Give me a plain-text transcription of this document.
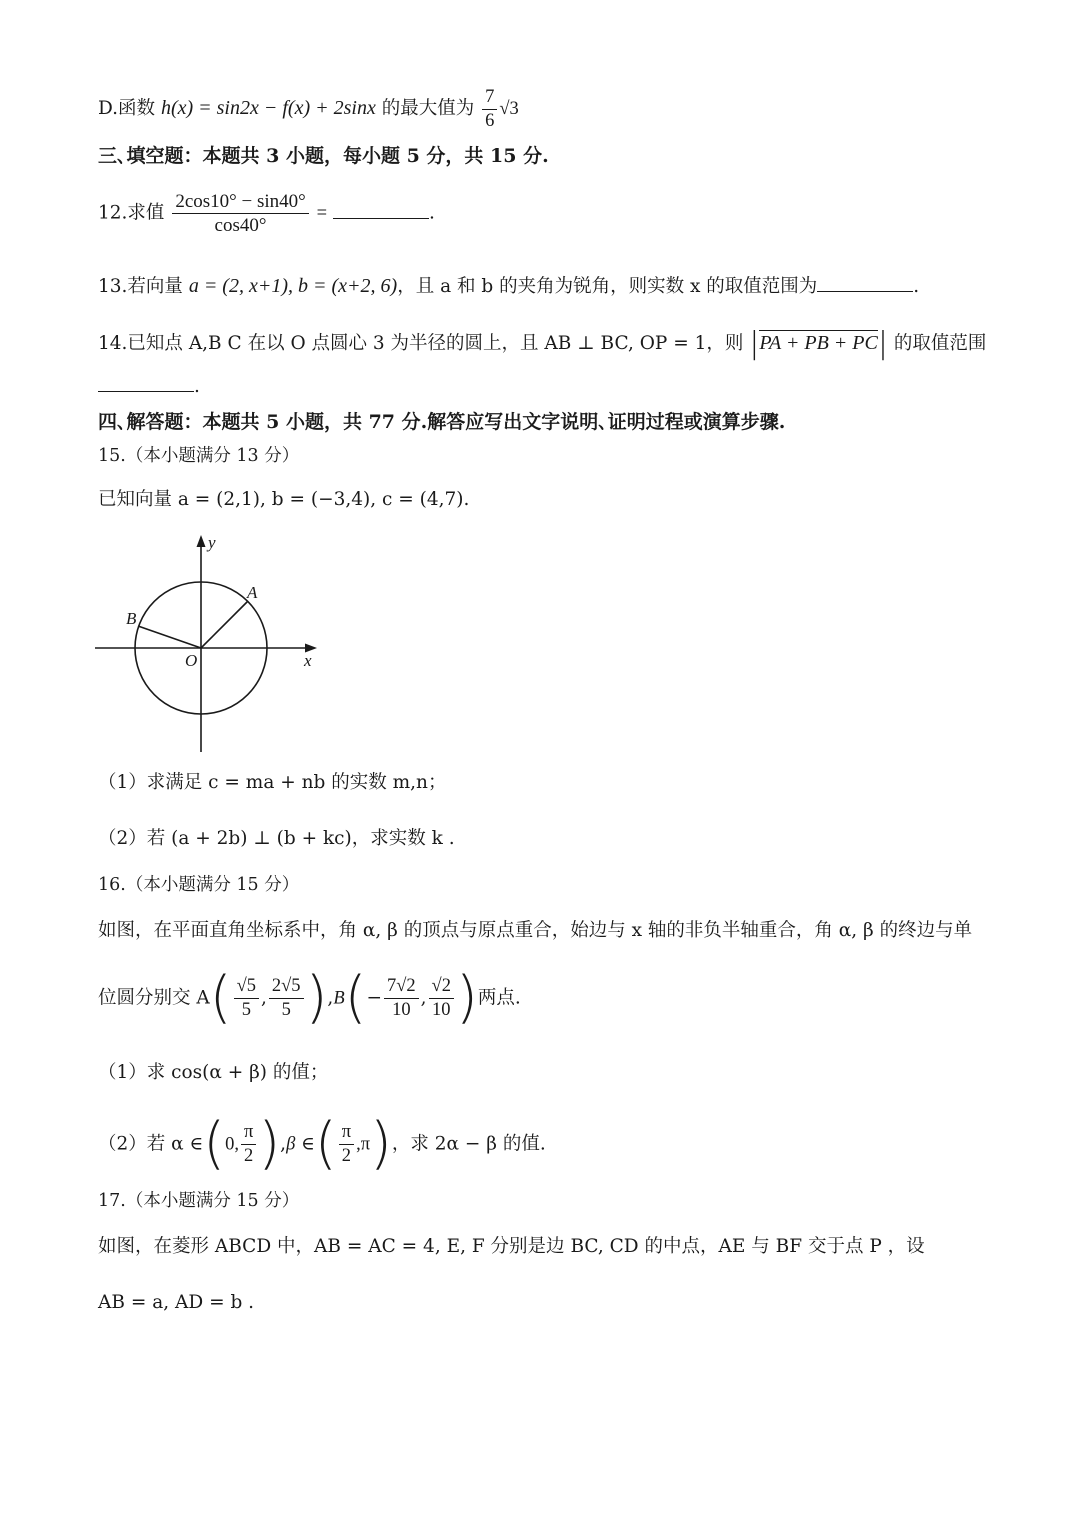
D.函数 h(x) = sin2x − f(x) + 2sinx 的最大值为 $\frac{7}{6} √3$
三､填空题：本题共 3 小题，每小题 5 分，共 15 分.
12.求值 $\frac{2\cos 10^\circ - \sin 40^\circ}{\cos 40^\circ}$ =	.
13.若向量 a = (2, x+1), b = (x+2, 6)，且 a 和 b 的夹角为锐角，则实数 x 的取值范围为	.
14.已知点 A,B C 在以 O 点圆心 3 为半径的圆上，且 AB ⊥ BC, OP = 1，则 |PA + PB + PC| 的取值范围
.
四､解答题：本题共 5 小题，共 77 分.解答应写出文字说明､证明过程或演算步骤.
15.（本小题满分 13 分）
已知向量 a = (2,1), b = (−3,4), c = (4,7).
y
x
O
A
B
（1）求满足 c = ma + nb 的实数 m,n；
（2）若 (a + 2b) ⊥ (b + kc)，求实数 k .
16.（本小题满分 15 分）
如图，在平面直角坐标系中，角 α, β 的顶点与原点重合，始边与 x 轴的非负半轴重合，角 α, β 的终边与单
位圆分别交 $A( \frac{√5}{5}$ , $\frac{2√5}{5} ),B(- \frac{7√2}{10}$ , $\frac{√2}{10}$ )两点.
（1）求 cos(α + β) 的值；
（2）若 α ∈(0, $\frac{\pi}{2} ),\beta$ ∈( $\frac{\pi}{2} ,\pi$)，求 2α − β 的值.
17.（本小题满分 15 分）
如图，在菱形 ABCD 中，AB = AC = 4, E, F 分别是边 BC, CD 的中点，AE 与 BF 交于点 P ，设
AB = a, AD = b .
